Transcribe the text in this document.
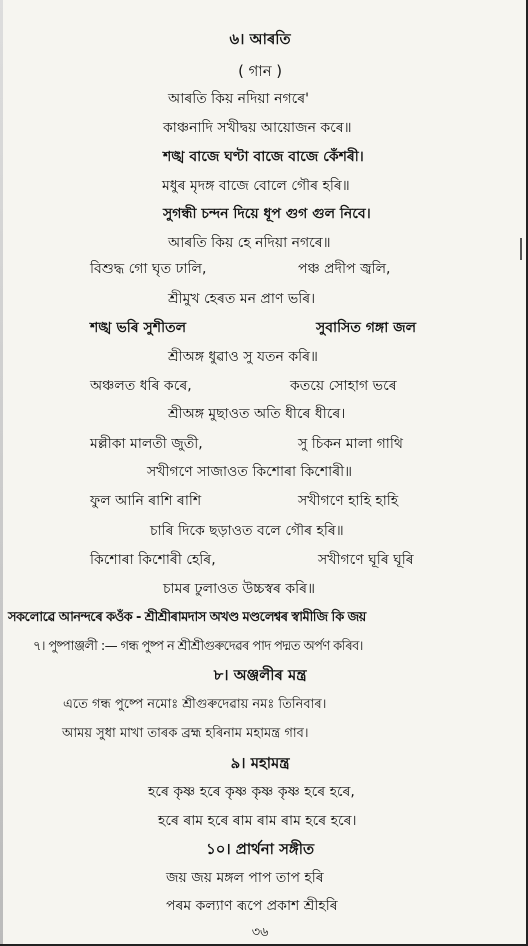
৬। আৰতি
( গান )
আৰতি কিয় নদিয়া নগৰে'
কাঞ্চনাদি সখীদ্বয় আয়োজন কৰে॥
শঙ্খ বাজে ঘণ্টা বাজে বাজে কেঁশৰী।
মধুৰ মৃদঙ্গ বাজে বোলে গৌৰ হৰি॥
সুগন্ধী চন্দন দিয়ে ধূপ গুগ গুল নিবে।
আৰতি কিয় হে নদিয়া নগৰে॥
বিশুদ্ধ গো ঘৃত ঢালি,	পঞ্চ প্ৰদীপ জ্বলি,
শ্ৰীমুখ হেৰত মন প্ৰাণ ভৰি।
শঙ্খ ভৰি সুশীতল	সুবাসিত গঙ্গা জল
শ্ৰীঅঙ্গ ধুৱাও সু যতন কৰি॥
অঞ্চলত ধৰি কৰে,	কতয়ে সোহাগ ভৰে
শ্ৰীঅঙ্গ মুছাওত অতি ধীৰে ধীৰে।
মল্লীকা মালতী জুতী,	সু চিকন মালা গাথি
সখীগণে সাজাওত কিশোৰা কিশোৰী॥
ফুল আনি ৰাশি ৰাশি	সখীগণে হাহি হাহি
চাৰি দিকে ছড়াওত বলে গৌৰ হৰি॥
কিশোৰা কিশোৰী হেৰি,	সখীগণে ঘূৰি ঘূৰি
চামৰ ঢুলাওত উচ্চস্বৰ কৰি॥
সকলোৱে আনন্দৰে কওঁক - শ্ৰীশ্ৰীৰামদাস অখণ্ড মণ্ডলেশ্বৰ স্বামীজি কি জয়
৭। পুষ্পাঞ্জলী :— গন্ধ পুষ্প ন শ্ৰীশ্ৰীগুৰুদেৱৰ পাদ পদ্মত অৰ্পণ কৰিব।
৮। অঞ্জলীৰ মন্ত্ৰ
এতে গন্ধ পুষ্পে নমোঃ শ্ৰীগুৰুদেৱায় নমঃ তিনিবাৰ।
আময় সুধা মাখা তাৰক ব্ৰহ্ম হৰিনাম মহামন্ত্ৰ গাব।
৯। মহামন্ত্ৰ
হৰে কৃষ্ণ হৰে কৃষ্ণ কৃষ্ণ কৃষ্ণ হৰে হৰে,
হৰে ৰাম হৰে ৰাম ৰাম ৰাম হৰে হৰে।
১০। প্ৰাৰ্থনা সঙ্গীত
জয় জয় মঙ্গল পাপ তাপ হৰি
পৰম কল্যাণ ৰূপে প্ৰকাশ শ্ৰীহৰি
৩৬
